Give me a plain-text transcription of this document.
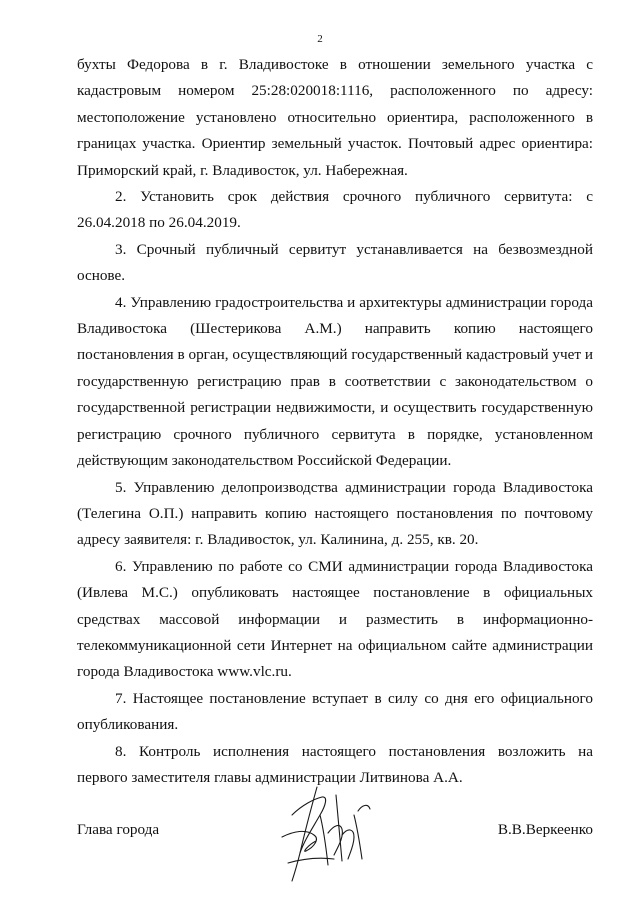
2

бухты Федорова в г. Владивостоке в отношении земельного участка с кадастровым номером 25:28:020018:1116, расположенного по адресу: местоположение установлено относительно ориентира, расположенного в границах участка. Ориентир земельный участок. Почтовый адрес ориентира: Приморский край, г. Владивосток, ул. Набережная.

2. Установить срок действия срочного публичного сервитута: с 26.04.2018 по 26.04.2019.

3. Срочный публичный сервитут устанавливается на безвозмездной основе.

4. Управлению градостроительства и архитектуры администрации города Владивостока (Шестерикова А.М.) направить копию настоящего постановления в орган, осуществляющий государственный кадастровый учет и государственную регистрацию прав в соответствии с законодательством о государственной регистрации недвижимости, и осуществить государственную регистрацию срочного публичного сервитута в порядке, установленном действующим законодательством Российской Федерации.

5. Управлению делопроизводства администрации города Владивостока (Телегина О.П.) направить копию настоящего постановления по почтовому адресу заявителя: г. Владивосток, ул. Калинина, д. 255, кв. 20.

6. Управлению по работе со СМИ администрации города Владивостока (Ивлева М.С.) опубликовать настоящее постановление в официальных средствах массовой информации и разместить в информационно-телекоммуникационной сети Интернет на официальном сайте администрации города Владивостока www.vlc.ru.

7. Настоящее постановление вступает в силу со дня его официального опубликования.

8. Контроль исполнения настоящего постановления возложить на первого заместителя главы администрации Литвинова А.А.

Глава города	В.В.Веркеенко
